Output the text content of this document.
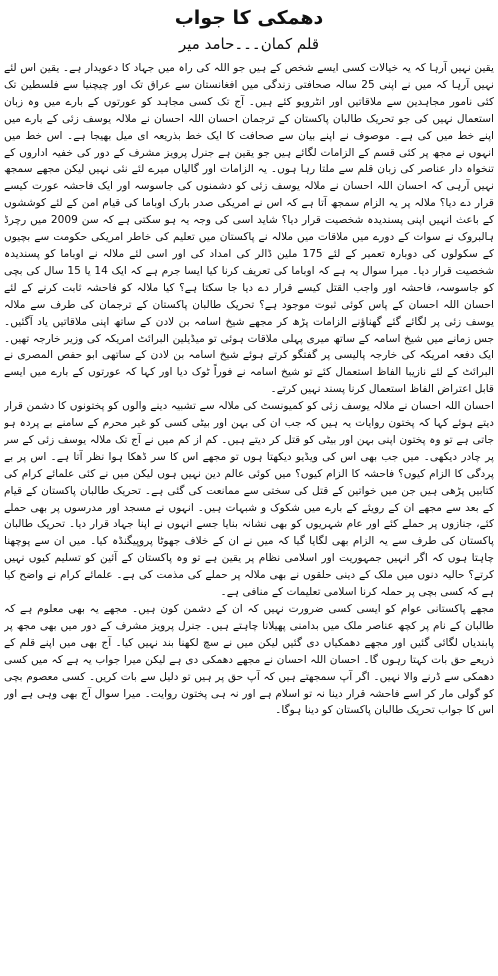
دھمکی کا جواب
قلم کمان۔۔۔حامد میر

یقین نہیں آرہا کہ یہ خیالات کسی ایسے شخص کے ہیں جو اللہ کی راہ میں جہاد کا دعویدار ہے۔ یقین اس لئے نہیں آرہا کہ میں نے اپنی 25 سالہ صحافتی زندگی میں افغانستان سے عراق تک اور چیچنیا سے فلسطین تک کئی نامور مجاہدین سے ملاقاتیں اور انٹرویو کئے ہیں۔ آج تک کسی مجاہد کو عورتوں کے بارے میں وہ زبان استعمال نہیں کی جو تحریک طالبان پاکستان کے ترجمان احسان اللہ احسان نے ملالہ یوسف زئی کے بارے میں اپنے خط میں کی ہے۔ موصوف نے اپنے بیان سے صحافت کا ایک خط بذریعہ ای میل بھیجا ہے۔ اس خط میں انہوں نے مجھ پر کئی قسم کے الزامات لگائے ہیں جو یقین ہے جنرل پرویز مشرف کے دور کی خفیہ اداروں کے تنخواہ دار عناصر کی زبان قلم سے ملتا رہا ہوں۔ یہ الزامات اور گالیاں میرے لئے نئی نہیں لیکن مجھے سمجھ نہیں آرہی کہ احسان اللہ احسان نے ملالہ یوسف زئی کو دشمنوں کی جاسوسہ اور ایک فاحشہ عورت کیسے قرار دے دیا؟ ملالہ پر یہ الزام سمجھ آتا ہے کہ اس نے امریکی صدر بارک اوباما کی قیام امن کے لئے کوششوں کے باعث انہیں اپنی پسندیدہ شخصیت قرار دیا؟ شاید اسی کی وجہ یہ ہو سکتی ہے کہ سن 2009 میں رچرڈ ہالبروک نے سوات کے دورے میں ملاقات میں ملالہ نے پاکستان میں تعلیم کی خاطر امریکی حکومت سے بچیوں کے سکولوں کی دوبارہ تعمیر کے لئے 175 ملین ڈالر کی امداد کی اور اسی لئے ملالہ نے اوباما کو پسندیدہ شخصیت قرار دیا۔ میرا سوال یہ ہے کہ اوباما کی تعریف کرنا کیا ایسا جرم ہے کہ ایک 14 یا 15 سال کی بچی کو جاسوسہ، فاحشہ اور واجب القتل کیسے قرار دے دیا جا سکتا ہے؟ کیا ملالہ کو فاحشہ ثابت کرنے کے لئے احسان اللہ احسان کے پاس کوئی ثبوت موجود ہے؟ تحریک طالبان پاکستان کے ترجمان کی طرف سے ملالہ یوسف زئی پر لگائے گئے گھناؤنے الزامات پڑھ کر مجھے شیخ اسامہ بن لادن کے ساتھ اپنی ملاقاتیں یاد آگئیں۔ جس زمانے میں شیخ اسامہ کے ساتھ میری پہلی ملاقات ہوئی تو میڈیلین البرائٹ امریکہ کی وزیر خارجہ تھیں۔ ایک دفعہ امریکہ کی خارجہ پالیسی پر گفتگو کرتے ہوئے شیخ اسامہ بن لادن کے ساتھی ابو حفص المصری نے البرائٹ کے لئے نازیبا الفاظ استعمال کئے تو شیخ اسامہ نے فوراً ٹوک دیا اور کہا کہ عورتوں کے بارے میں ایسے قابل اعتراض الفاظ استعمال کرنا پسند نہیں کرتے۔

احسان اللہ احسان نے ملالہ یوسف زئی کو کمیونسٹ کی ملالہ سے تشبیہ دینے والوں کو پختونوں کا دشمن قرار دیتے ہوئے کہا کہ پختون روایات یہ ہیں کہ جب ان کی بہن اور بیٹی کسی کو غیر محرم کے سامنے بے پردہ ہو جاتی ہے تو وہ پختون اپنی بہن اور بیٹی کو قتل کر دیتے ہیں۔ کم از کم میں نے آج تک ملالہ یوسف زئی کے سر پر چادر دیکھی۔ میں جب بھی اس کی ویڈیو دیکھتا ہوں تو مجھے اس کا سر ڈھکا ہوا نظر آتا ہے۔ اس پر بے پردگی کا الزام کیوں؟ فاحشہ کا الزام کیوں؟ میں کوئی عالم دین نہیں ہوں لیکن میں نے کئی علمائے کرام کی کتابیں پڑھی ہیں جن میں خواتین کے قتل کی سختی سے ممانعت کی گئی ہے۔ تحریک طالبان پاکستان کے قیام کے بعد سے مجھے ان کے رویئے کے بارے میں شکوک و شبہات ہیں۔ انہوں نے مسجد اور مدرسوں پر بھی حملے کئے، جنازوں پر حملے کئے اور عام شہریوں کو بھی نشانہ بنایا جسے انہوں نے اپنا جہاد قرار دیا۔ تحریک طالبان پاکستان کی طرف سے یہ الزام بھی لگایا گیا کہ میں نے ان کے خلاف جھوٹا پروپیگنڈہ کیا۔ میں ان سے پوچھنا چاہتا ہوں کہ اگر انہیں جمہوریت اور اسلامی نظام پر یقین ہے تو وہ پاکستان کے آئین کو تسلیم کیوں نہیں کرتے؟ حالیہ دنوں میں ملک کے دینی حلقوں نے بھی ملالہ پر حملے کی مذمت کی ہے۔ علمائے کرام نے واضح کیا ہے کہ کسی بچی پر حملہ کرنا اسلامی تعلیمات کے منافی ہے۔

مجھے پاکستانی عوام کو ایسی کسی ضرورت نہیں کہ ان کے دشمن کون ہیں۔ مجھے یہ بھی معلوم ہے کہ طالبان کے نام پر کچھ عناصر ملک میں بدامنی پھیلانا چاہتے ہیں۔ جنرل پرویز مشرف کے دور میں بھی مجھ پر پابندیاں لگائی گئیں اور مجھے دھمکیاں دی گئیں لیکن میں نے سچ لکھنا بند نہیں کیا۔ آج بھی میں اپنے قلم کے ذریعے حق بات کہتا رہوں گا۔ احسان اللہ احسان نے مجھے دھمکی دی ہے لیکن میرا جواب یہ ہے کہ میں کسی دھمکی سے ڈرنے والا نہیں۔ اگر آپ سمجھتے ہیں کہ آپ حق پر ہیں تو دلیل سے بات کریں۔ کسی معصوم بچی کو گولی مار کر اسے فاحشہ قرار دینا نہ تو اسلام ہے اور نہ ہی پختون روایت۔ میرا سوال آج بھی وہی ہے اور اس کا جواب تحریک طالبان پاکستان کو دینا ہوگا۔
